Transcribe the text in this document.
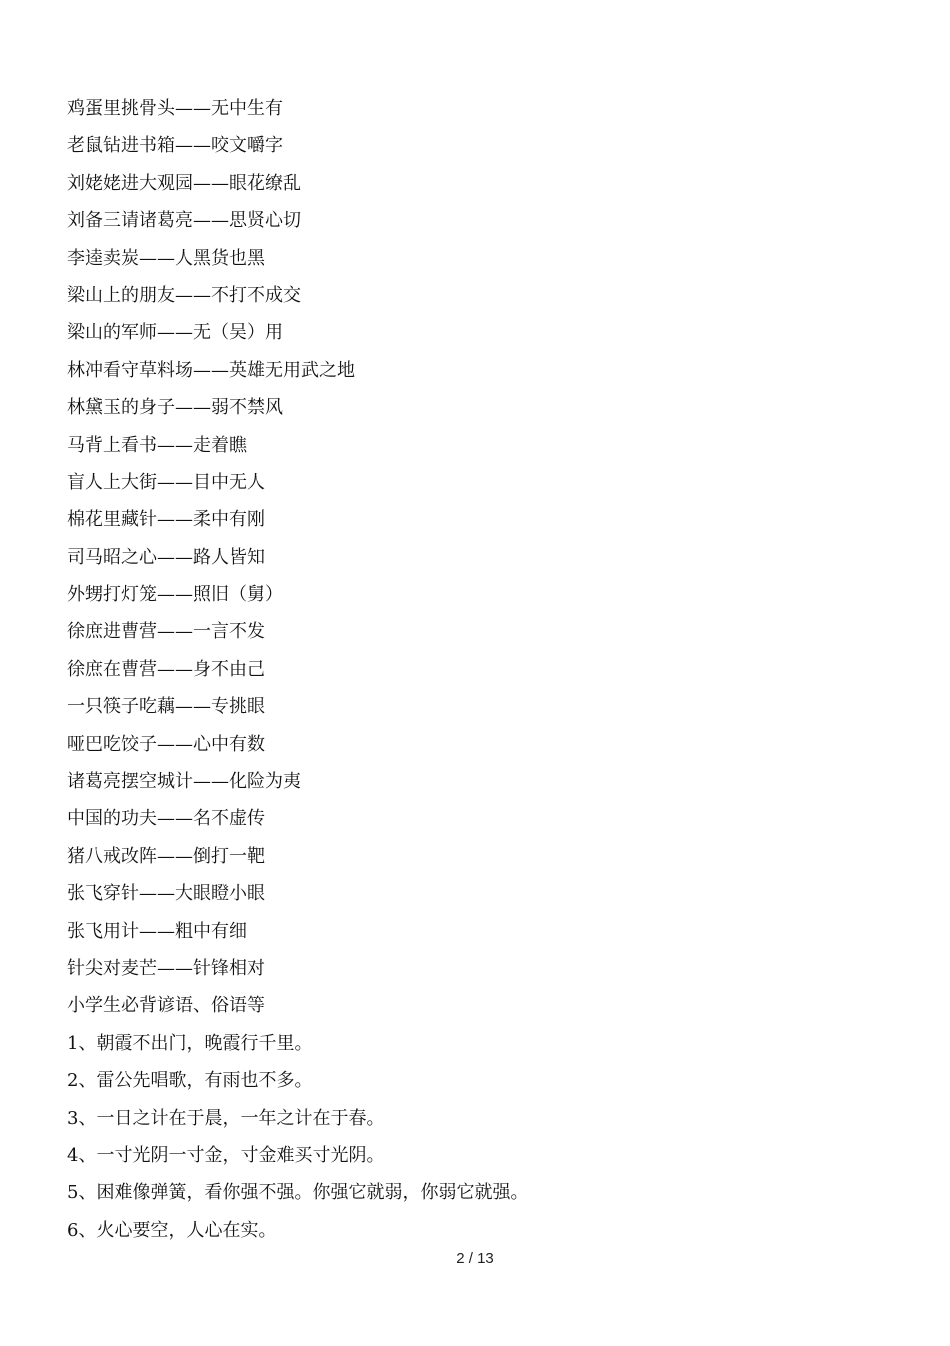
鸡蛋里挑骨头——无中生有
老鼠钻进书箱——咬文嚼字
刘姥姥进大观园——眼花缭乱
刘备三请诸葛亮——思贤心切
李逵卖炭——人黑货也黑
梁山上的朋友——不打不成交
梁山的军师——无（吴）用
林冲看守草料场——英雄无用武之地
林黛玉的身子——弱不禁风
马背上看书——走着瞧
盲人上大街——目中无人
棉花里藏针——柔中有刚
司马昭之心——路人皆知
外甥打灯笼——照旧（舅）
徐庶进曹营——一言不发
徐庶在曹营——身不由己
一只筷子吃藕——专挑眼
哑巴吃饺子——心中有数
诸葛亮摆空城计——化险为夷
中国的功夫——名不虚传
猪八戒改阵——倒打一靶
张飞穿针——大眼瞪小眼
张飞用计——粗中有细
针尖对麦芒——针锋相对
小学生必背谚语、俗语等
1、朝霞不出门，晚霞行千里。
2、雷公先唱歌，有雨也不多。
3、一日之计在于晨，一年之计在于春。
4、一寸光阴一寸金，寸金难买寸光阴。
5、困难像弹簧，看你强不强。你强它就弱，你弱它就强。
6、火心要空，人心在实。
2 / 13
